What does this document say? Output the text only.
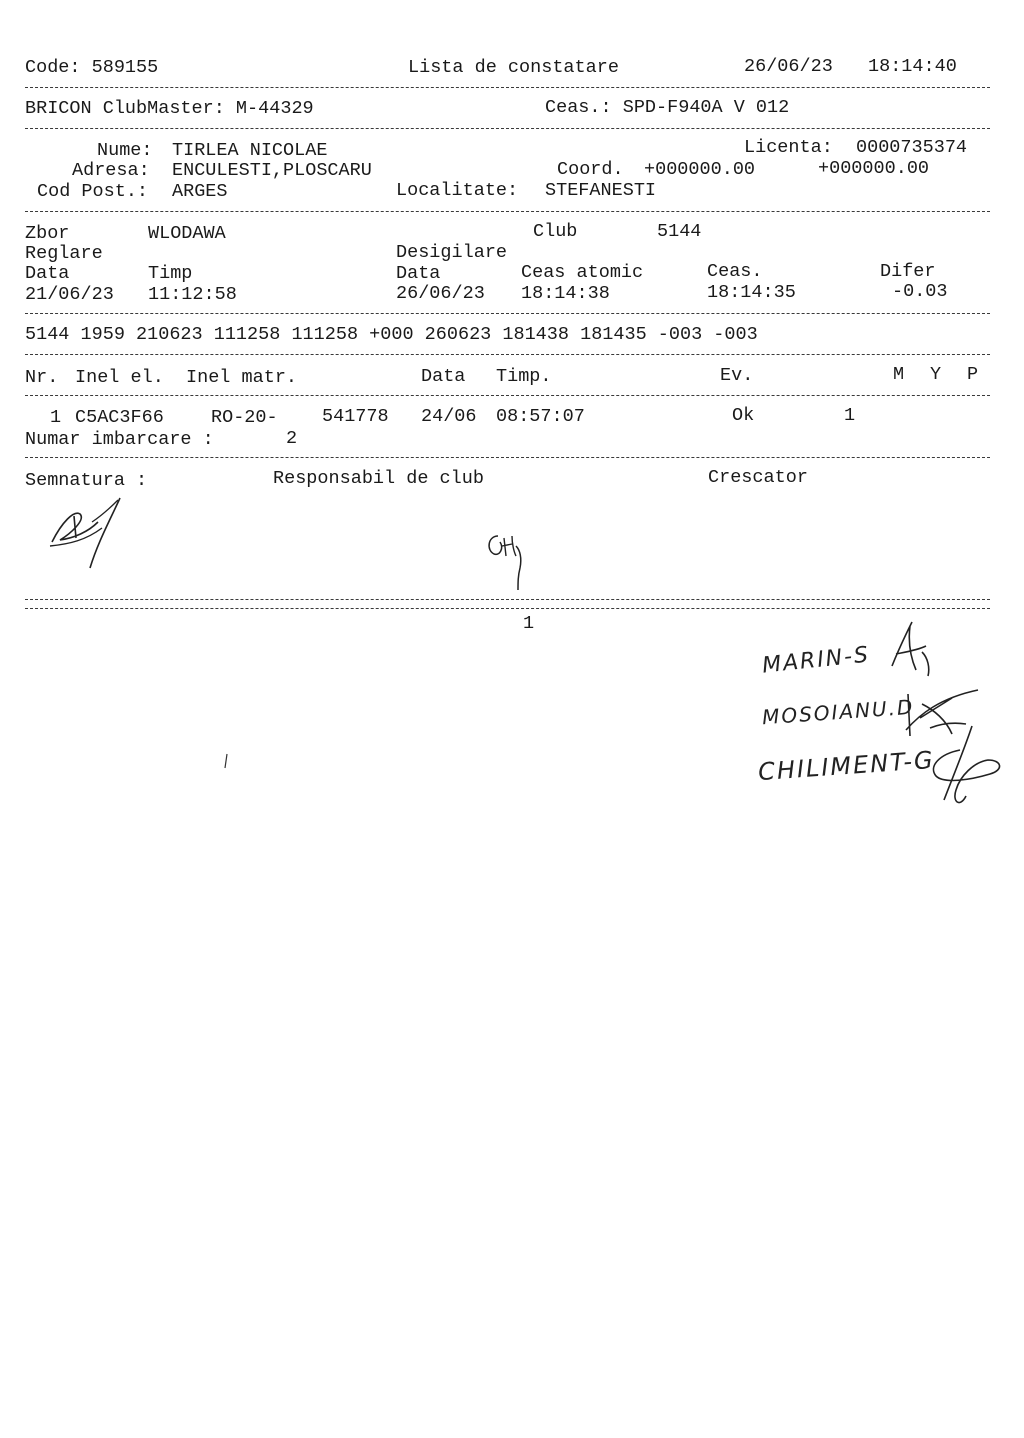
Code: 589155	Lista de constatare	26/06/23 18:14:40
BRICON ClubMaster: M-44329	Ceas.: SPD-F940A V 012
Nume: TIRLEA NICOLAE	Licenta: 0000735374
Adresa: ENCULESTI,PLOSCARU	Coord. +000000.00	+000000.00
Cod Post.: ARGES	Localitate: STEFANESTI
Zbor	WLODAWA	Club	5144
Reglare	Desigilare
Data	Timp	Data	Ceas atomic	Ceas.	Difer
21/06/23 11:12:58	26/06/23 18:14:38	18:14:35	-0.03
5144 1959 210623 111258 111258 +000 260623 181438 181435 -003 -003
Nr. Inel el. Inel matr.	Data Timp.	Ev.	M Y P
1 C5AC3F66	RO-20- 541778 24/06 08:57:07	Ok	1
Numar imbarcare :	2
Semnatura :	Responsabil de club	Crescator
1
MARIN-S
MOSOIANU.D
CHILIMENT-G
